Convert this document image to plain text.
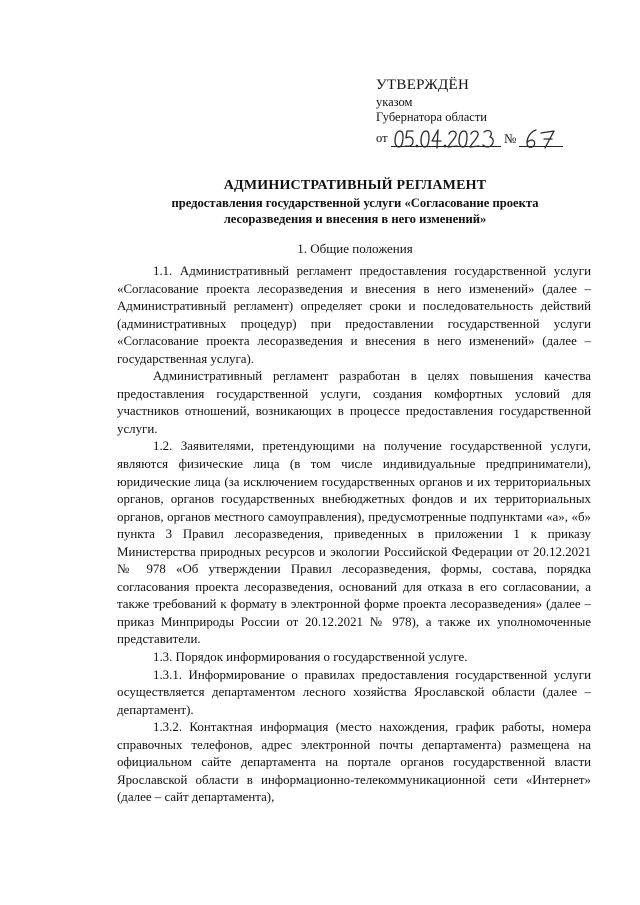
УТВЕРЖДЁН
указом
Губернатора области
от	№
АДМИНИСТРАТИВНЫЙ РЕГЛАМЕНТ
предоставления государственной услуги «Согласование проекта
лесоразведения и внесения в него изменений»
1. Общие положения

1.1. Административный регламент предоставления государственной услуги «Согласование проекта лесоразведения и внесения в него изменений» (далее – Административный регламент) определяет сроки и последовательность действий (административных процедур) при предоставлении государственной услуги «Согласование проекта лесоразведения и внесения в него изменений» (далее – государственная услуга).

Административный регламент разработан в целях повышения качества предоставления государственной услуги, создания комфортных условий для участников отношений, возникающих в процессе предоставления государственной услуги.

1.2. Заявителями, претендующими на получение государственной услуги, являются физические лица (в том числе индивидуальные предприниматели), юридические лица (за исключением государственных органов и их территориальных органов, органов государственных внебюджетных фондов и их территориальных органов, органов местного самоуправления), предусмотренные подпунктами «а», «б» пункта 3 Правил лесоразведения, приведенных в приложении 1 к приказу Министерства природных ресурсов и экологии Российской Федерации от 20.12.2021 № 978 «Об утверждении Правил лесоразведения, формы, состава, порядка согласования проекта лесоразведения, оснований для отказа в его согласовании, а также требований к формату в электронной форме проекта лесоразведения» (далее – приказ Минприроды России от 20.12.2021 № 978), а также их уполномоченные представители.

1.3. Порядок информирования о государственной услуге.

1.3.1. Информирование о правилах предоставления государственной услуги осуществляется департаментом лесного хозяйства Ярославской области (далее – департамент).

1.3.2. Контактная информация (место нахождения, график работы, номера справочных телефонов, адрес электронной почты департамента) размещена на официальном сайте департамента на портале органов государственной власти Ярославской области в информационно-телекоммуникационной сети «Интернет» (далее – сайт департамента),
